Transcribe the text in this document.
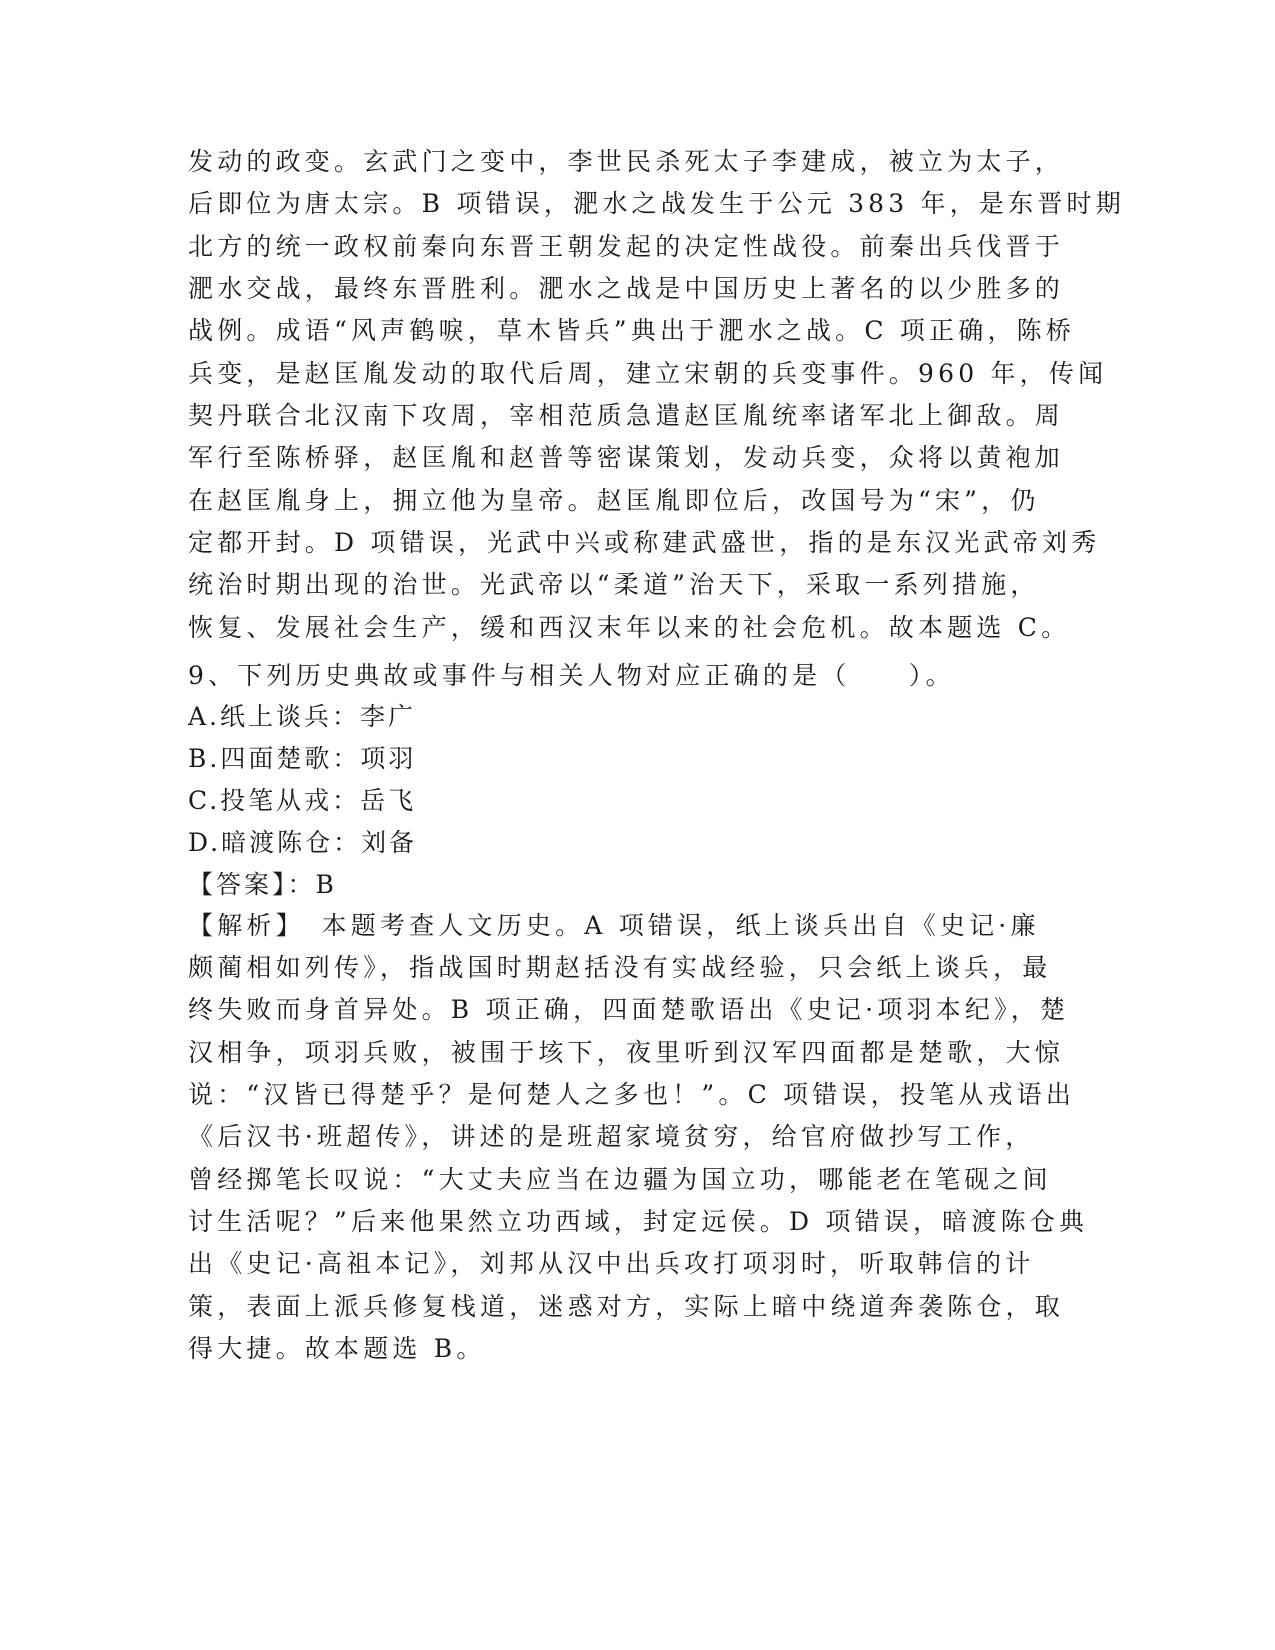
发动的政变。玄武门之变中，李世民杀死太子李建成，被立为太子，
后即位为唐太宗。B 项错误，淝水之战发生于公元 383 年，是东晋时期
北方的统一政权前秦向东晋王朝发起的决定性战役。前秦出兵伐晋于
淝水交战，最终东晋胜利。淝水之战是中国历史上著名的以少胜多的
战例。成语“风声鹤唳，草木皆兵”典出于淝水之战。C 项正确，陈桥
兵变，是赵匡胤发动的取代后周，建立宋朝的兵变事件。960 年，传闻
契丹联合北汉南下攻周，宰相范质急遣赵匡胤统率诸军北上御敌。周
军行至陈桥驿，赵匡胤和赵普等密谋策划，发动兵变，众将以黄袍加
在赵匡胤身上，拥立他为皇帝。赵匡胤即位后，改国号为“宋”，仍
定都开封。D 项错误，光武中兴或称建武盛世，指的是东汉光武帝刘秀
统治时期出现的治世。光武帝以“柔道”治天下，采取一系列措施，
恢复、发展社会生产，缓和西汉末年以来的社会危机。故本题选 C。
9、下列历史典故或事件与相关人物对应正确的是（　　）。
A.纸上谈兵：李广
B.四面楚歌：项羽
C.投笔从戎：岳飞
D.暗渡陈仓：刘备
【答案】：B
【解析】　本题考查人文历史。A 项错误，纸上谈兵出自《史记·廉
颇蔺相如列传》，指战国时期赵括没有实战经验，只会纸上谈兵，最
终失败而身首异处。B 项正确，四面楚歌语出《史记·项羽本纪》，楚
汉相争，项羽兵败，被围于垓下，夜里听到汉军四面都是楚歌，大惊
说：“汉皆已得楚乎？是何楚人之多也！”。C 项错误，投笔从戎语出
《后汉书·班超传》，讲述的是班超家境贫穷，给官府做抄写工作，
曾经掷笔长叹说：“大丈夫应当在边疆为国立功，哪能老在笔砚之间
讨生活呢？”后来他果然立功西域，封定远侯。D 项错误，暗渡陈仓典
出《史记·高祖本记》，刘邦从汉中出兵攻打项羽时，听取韩信的计
策，表面上派兵修复栈道，迷惑对方，实际上暗中绕道奔袭陈仓，取
得大捷。故本题选 B。
